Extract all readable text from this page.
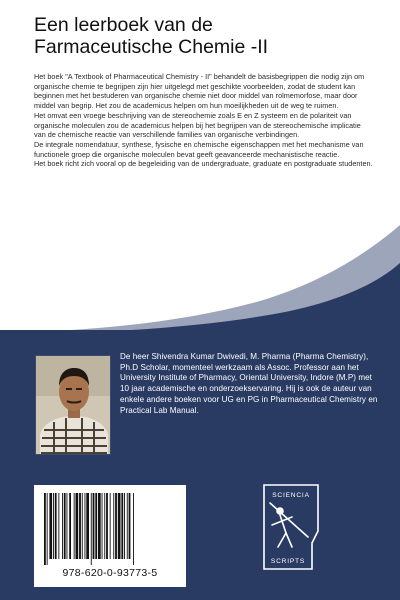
Een leerboek van de
Farmaceutische Chemie -II

Het boek "A Textbook of Pharmaceutical Chemistry - II" behandelt de basisbegrippen die nodig zijn om organische chemie te begrijpen zijn hier uitgelegd met geschikte voorbeelden, zodat de student kan beginnen met het bestuderen van organische chemie niet door middel van rolmemorfose, maar door middel van begrip. Het zou de academicus helpen om hun moeilijkheden uit de weg te ruimen.

Het omvat een vroege beschrijving van de stereochemie zoals E en Z systeem en de polariteit van organische moleculen zou de academicus helpen bij het begrijpen van de stereochemische implicatie van de chemische reactie van verschillende families van organische verbindingen.

De integrale nomendatuur, synthese, fysische en chemische eigenschappen met het mechanisme van functionele groep die organische moleculen bevat geeft geavanceerde mechanistische reactie.

Het boek richt zich vooral op de begeleiding van de undergraduate, graduate en postgraduate studenten.

De heer Shivendra Kumar Dwivedi, M. Pharma (Pharma Chemistry), Ph.D Scholar, momenteel werkzaam als Assoc. Professor aan het University Institute of Pharmacy, Oriental University, Indore (M.P) met 10 jaar academische en onderzoekservaring. Hij is ook de auteur van enkele andere boeken voor UG en PG in Pharmaceutical Chemistry en Practical Lab Manual.
SCIENCIA
SCRIPTS
978-620-0-93773-5
